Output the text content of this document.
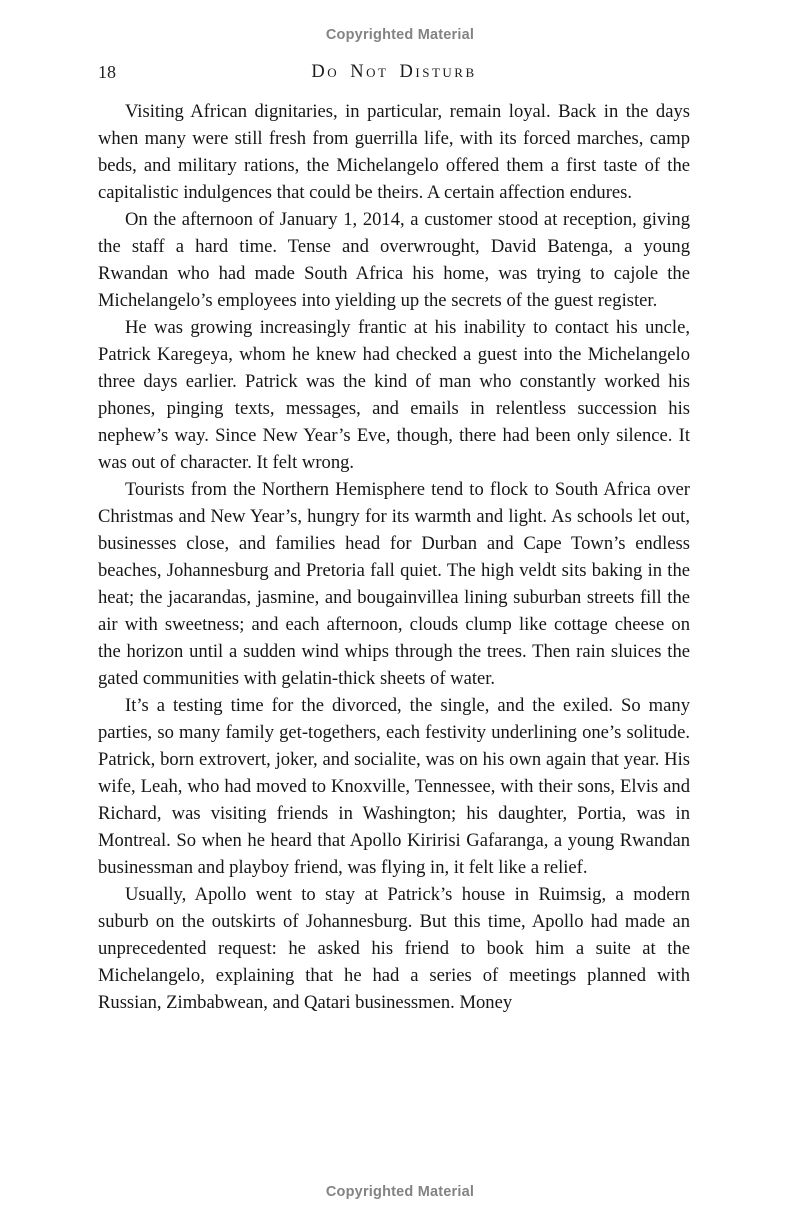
Copyrighted Material
18	Do Not Disturb

Visiting African dignitaries, in particular, remain loyal. Back in the days when many were still fresh from guerrilla life, with its forced marches, camp beds, and military rations, the Michelangelo offered them a first taste of the capitalistic indulgences that could be theirs. A certain affection endures.

On the afternoon of January 1, 2014, a customer stood at reception, giving the staff a hard time. Tense and overwrought, David Batenga, a young Rwandan who had made South Africa his home, was trying to cajole the Michelangelo’s employees into yielding up the secrets of the guest register.

He was growing increasingly frantic at his inability to contact his uncle, Patrick Karegeya, whom he knew had checked a guest into the Michelangelo three days earlier. Patrick was the kind of man who constantly worked his phones, pinging texts, messages, and emails in relentless succession his nephew’s way. Since New Year’s Eve, though, there had been only silence. It was out of character. It felt wrong.

Tourists from the Northern Hemisphere tend to flock to South Africa over Christmas and New Year’s, hungry for its warmth and light. As schools let out, businesses close, and families head for Durban and Cape Town’s endless beaches, Johannesburg and Pretoria fall quiet. The high veldt sits baking in the heat; the jacarandas, jasmine, and bougainvillea lining suburban streets fill the air with sweetness; and each afternoon, clouds clump like cottage cheese on the horizon until a sudden wind whips through the trees. Then rain sluices the gated communities with gelatin-thick sheets of water.

It’s a testing time for the divorced, the single, and the exiled. So many parties, so many family get-togethers, each festivity underlining one’s solitude. Patrick, born extrovert, joker, and socialite, was on his own again that year. His wife, Leah, who had moved to Knoxville, Tennessee, with their sons, Elvis and Richard, was visiting friends in Washington; his daughter, Portia, was in Montreal. So when he heard that Apollo Kiririsi Gafaranga, a young Rwandan businessman and playboy friend, was flying in, it felt like a relief.

Usually, Apollo went to stay at Patrick’s house in Ruimsig, a modern suburb on the outskirts of Johannesburg. But this time, Apollo had made an unprecedented request: he asked his friend to book him a suite at the Michelangelo, explaining that he had a series of meetings planned with Russian, Zimbabwean, and Qatari businessmen. Money

Copyrighted Material
